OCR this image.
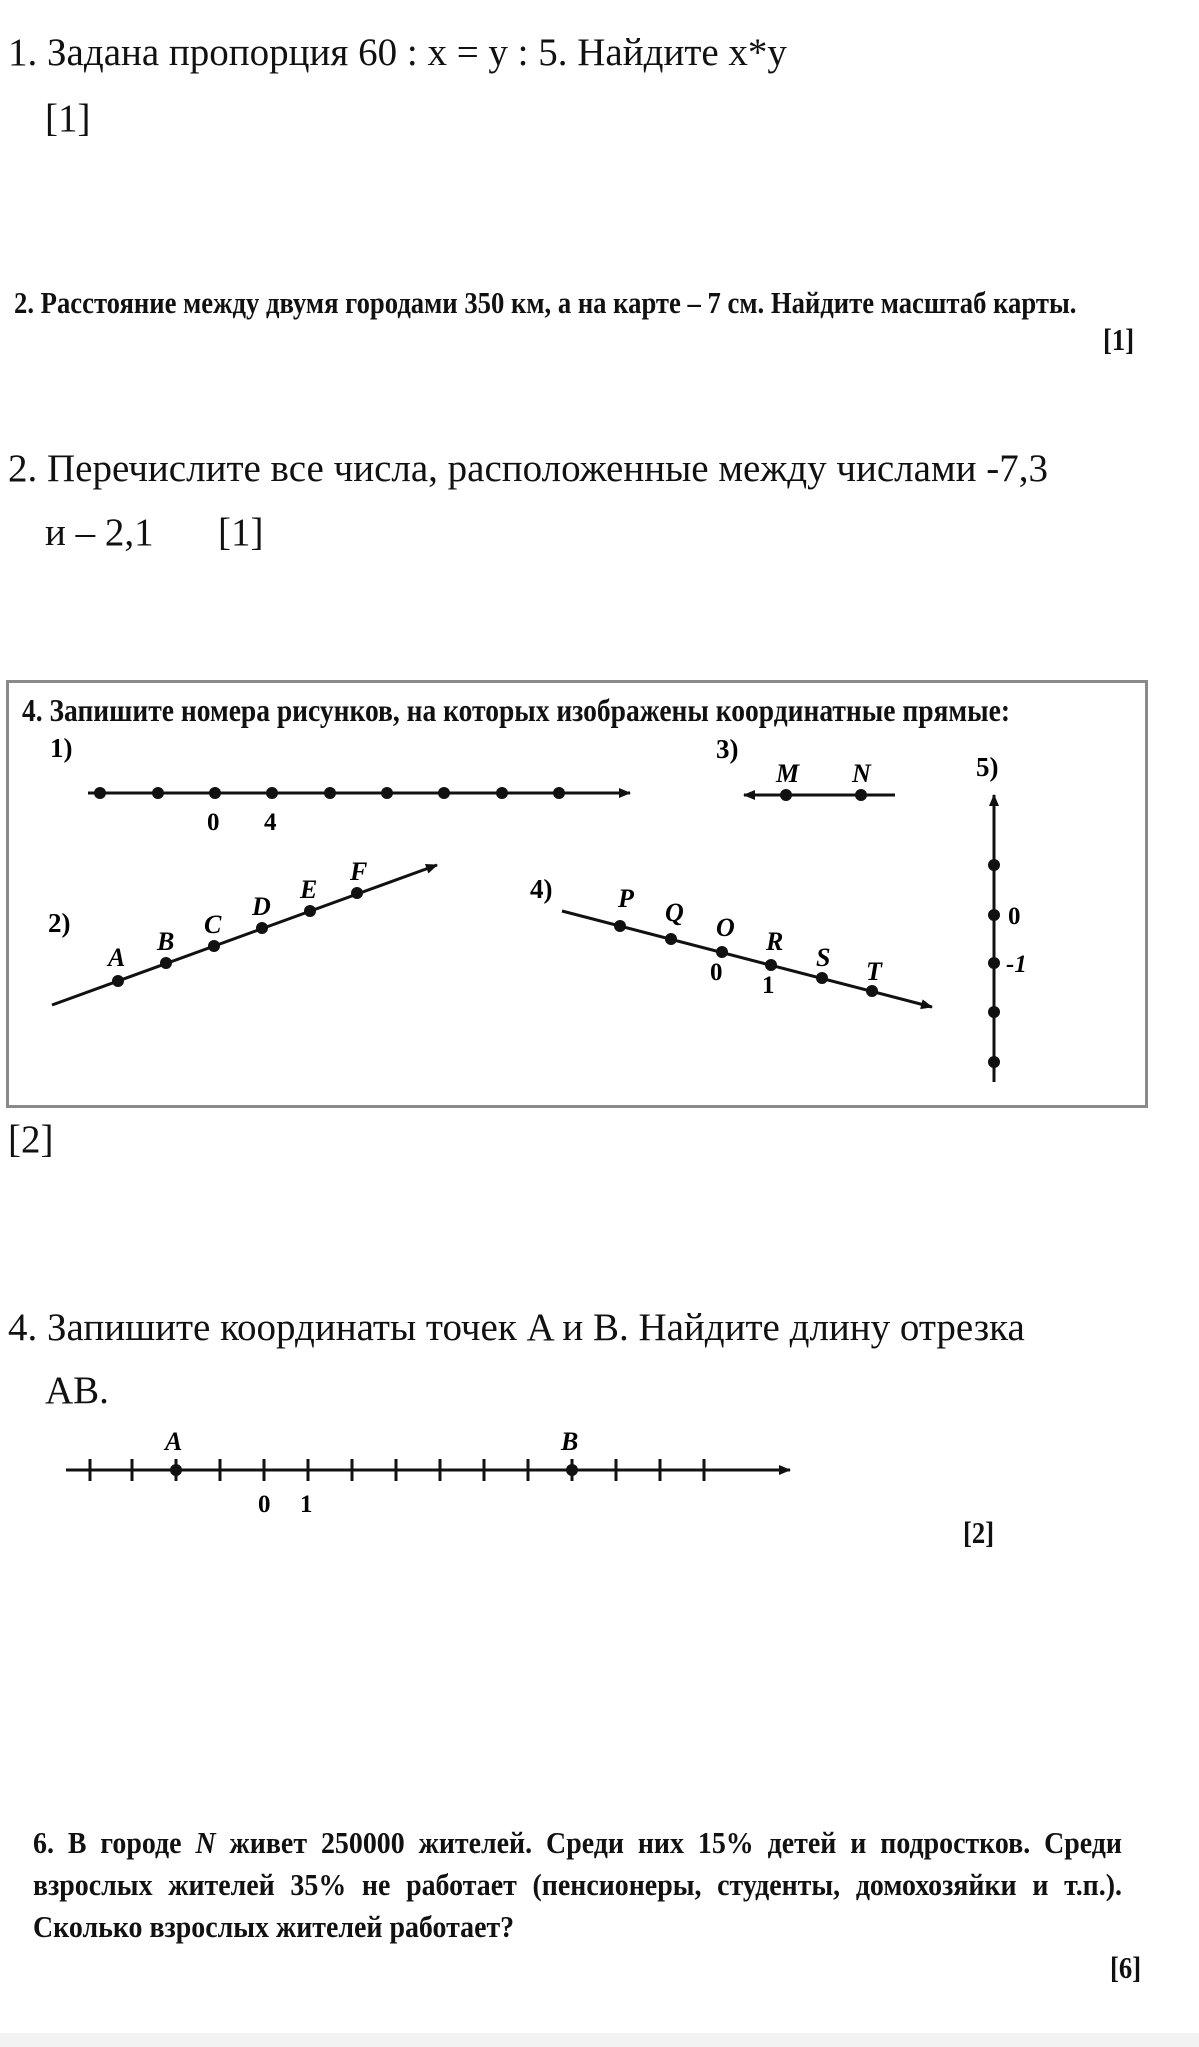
1. Задана пропорция 60 : x = y : 5. Найдите x*y
[1]
2. Расстояние между двумя городами 350 км, а на карте – 7 см. Найдите масштаб карты.
[1]
2. Перечислите все числа, расположенные между числами -7,3
и – 2,1 [1]
4. Запишите номера рисунков, на которых изображены координатные прямые:
1)
0 4
2)
A
B
C
D
E
F
3)
M N
4)	P Q
O R
S T
0 1
5)
0
-1
[2]
4. Запишите координаты точек A и B. Найдите длину отрезка
AB.
A	B
0 1
[2]
6. В городе N живет 250000 жителей. Среди них 15% детей и подростков. Среди взрослых жителей 35% не работает (пенсионеры, студенты, домохозяйки и т.п.). Сколько взрослых жителей работает?
[6]
